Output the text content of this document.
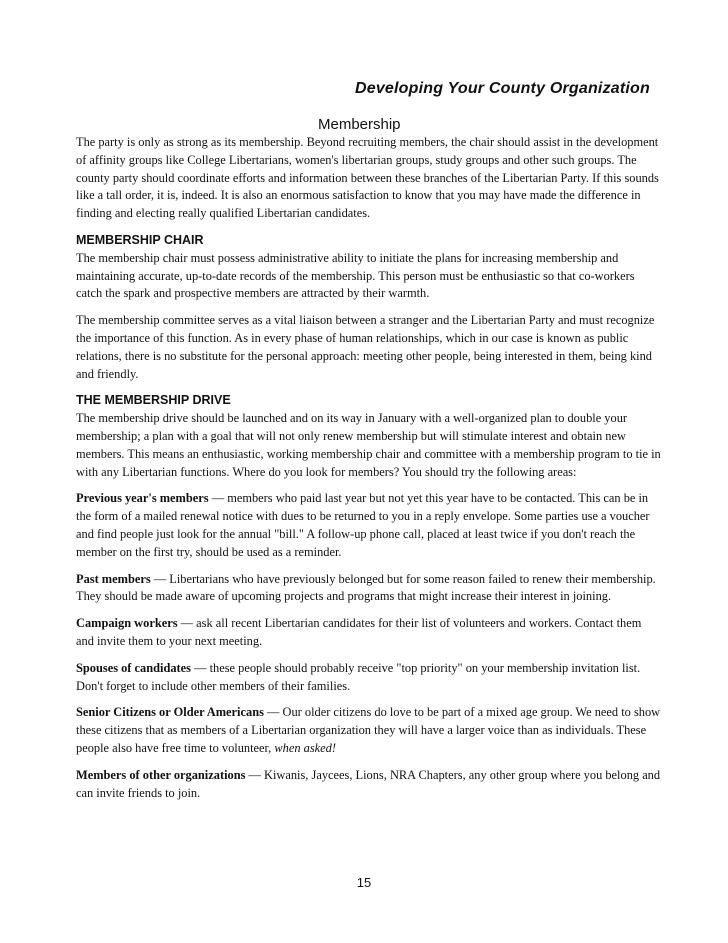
Developing Your County Organization
Membership

The party is only as strong as its membership. Beyond recruiting members, the chair should assist in the development of affinity groups like College Libertarians, women's libertarian groups, study groups and other such groups. The county party should coordinate efforts and information between these branches of the Libertarian Party. If this sounds like a tall order, it is, indeed. It is also an enormous satisfaction to know that you may have made the difference in finding and electing really qualified Libertarian candidates.

MEMBERSHIP CHAIR

The membership chair must possess administrative ability to initiate the plans for increasing membership and maintaining accurate, up-to-date records of the membership. This person must be enthusiastic so that co-workers catch the spark and prospective members are attracted by their warmth.

The membership committee serves as a vital liaison between a stranger and the Libertarian Party and must recognize the importance of this function. As in every phase of human relationships, which in our case is known as public relations, there is no substitute for the personal approach: meeting other people, being interested in them, being kind and friendly.

THE MEMBERSHIP DRIVE

The membership drive should be launched and on its way in January with a well-organized plan to double your membership; a plan with a goal that will not only renew membership but will stimulate interest and obtain new members. This means an enthusiastic, working membership chair and committee with a membership program to tie in with any Libertarian functions. Where do you look for members? You should try the following areas:

Previous year's members — members who paid last year but not yet this year have to be contacted. This can be in the form of a mailed renewal notice with dues to be returned to you in a reply envelope. Some parties use a voucher and find people just look for the annual "bill." A follow-up phone call, placed at least twice if you don't reach the member on the first try, should be used as a reminder.

Past members — Libertarians who have previously belonged but for some reason failed to renew their membership. They should be made aware of upcoming projects and programs that might increase their interest in joining.

Campaign workers — ask all recent Libertarian candidates for their list of volunteers and workers. Contact them and invite them to your next meeting.

Spouses of candidates — these people should probably receive "top priority" on your membership invitation list. Don't forget to include other members of their families.

Senior Citizens or Older Americans — Our older citizens do love to be part of a mixed age group. We need to show these citizens that as members of a Libertarian organization they will have a larger voice than as individuals. These people also have free time to volunteer, when asked!

Members of other organizations — Kiwanis, Jaycees, Lions, NRA Chapters, any other group where you belong and can invite friends to join.

15
